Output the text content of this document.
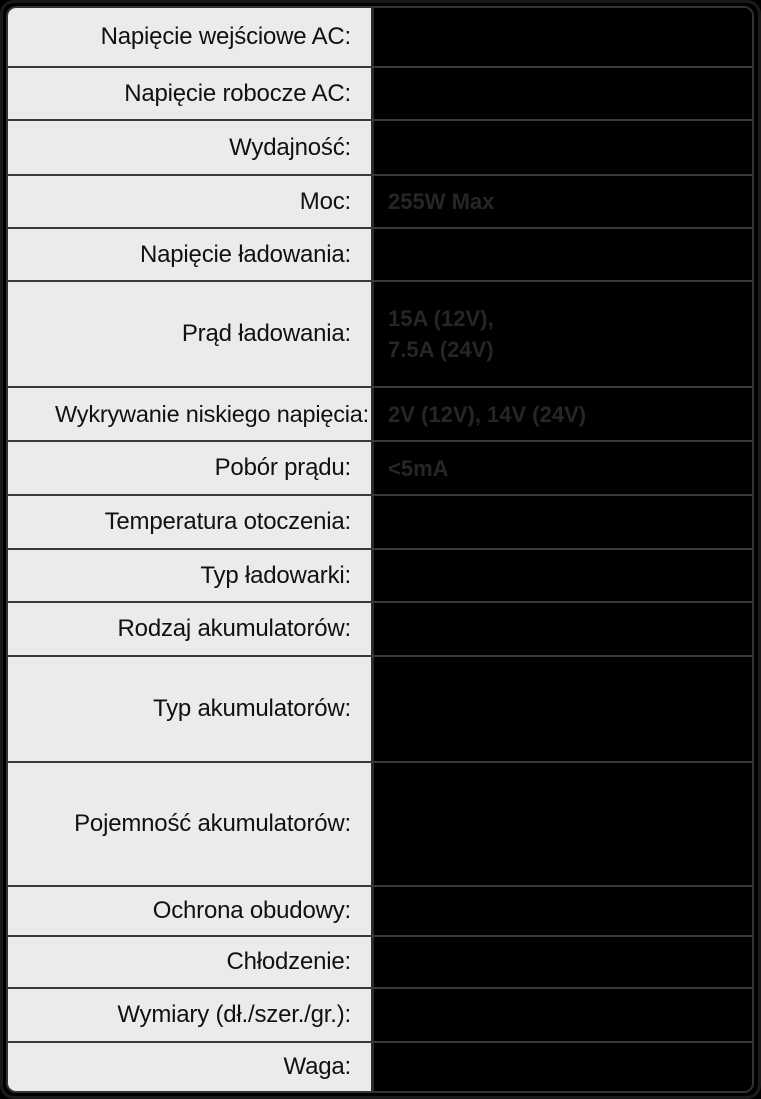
Napięcie wejściowe AC:
Napięcie robocze AC:
Wydajność:
Moc:	255W Max
Napięcie ładowania:
Prąd ładowania:
15A (12V),
7.5A (24V)
Wykrywanie niskiego napięcia: 2V (12V), 14V (24V)
Pobór prądu:	<5mA
Temperatura otoczenia:
Typ ładowarki:
Rodzaj akumulatorów:
Typ akumulatorów:
Pojemność akumulatorów:
Ochrona obudowy:
Chłodzenie:
Wymiary (dł./szer./gr.):
Waga:
